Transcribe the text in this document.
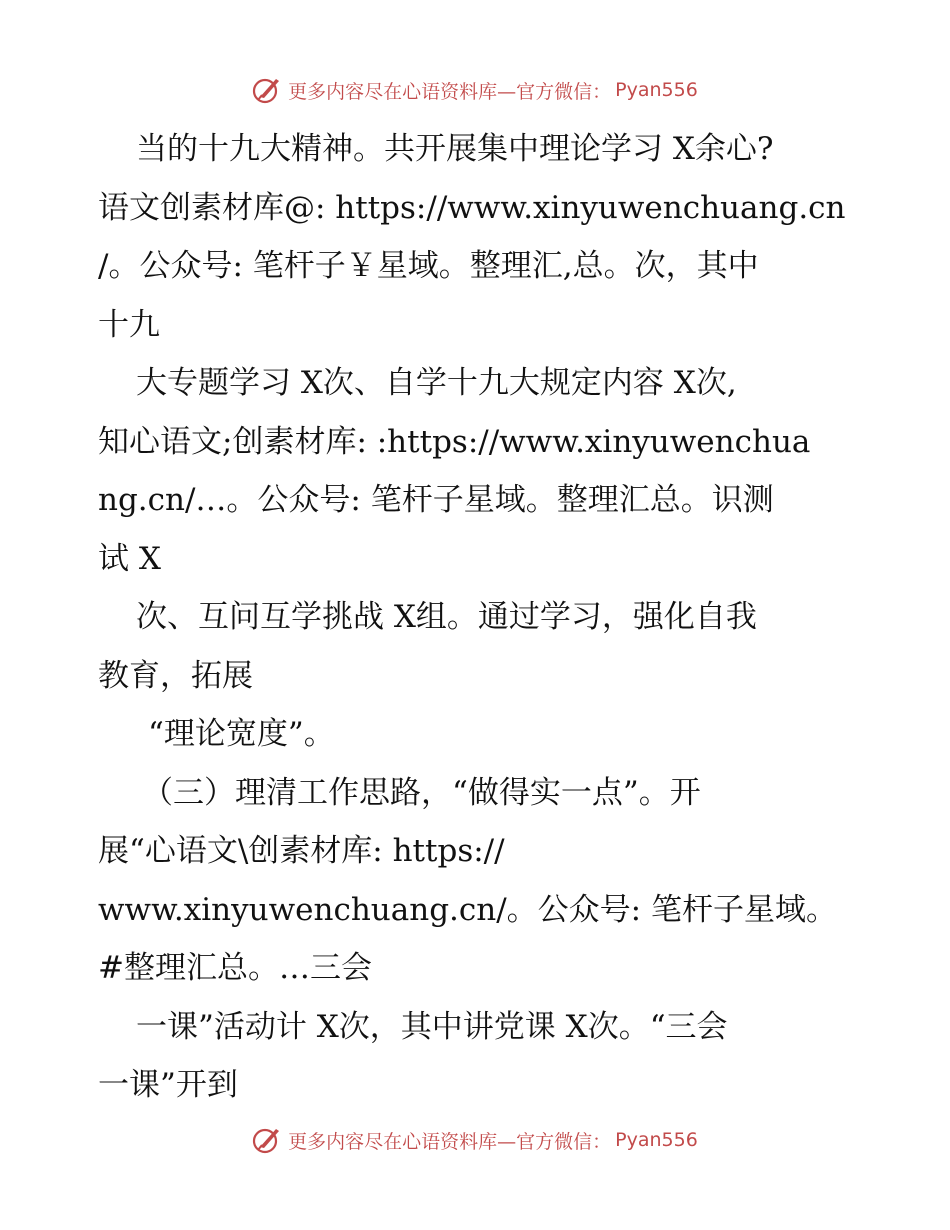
更多内容尽在心语资料库—官方微信： Pyan556
当的十九大精神。共开展集中理论学习 X余心?
语文创素材库@: https://www.xinyuwenchuang.cn
/。公众号: 笔杆子￥星域。整理汇,总。次，其中
十九
大专题学习 X次、自学十九大规定内容 X次,
知心语文;创素材库: :https://www.xinyuwenchua
ng.cn/…。公众号: 笔杆子星域。整理汇总。识测
试 X
次、互问互学挑战 X组。通过学习，强化自我
教育，拓展
“理论宽度”。
（三）理清工作思路，“做得实一点”。开
展“心语文\创素材库: https://
www.xinyuwenchuang.cn/。公众号: 笔杆子星域。
#整理汇总。…三会
一课”活动计 X次，其中讲党课 X次。“三会
一课”开到
更多内容尽在心语资料库—官方微信： Pyan556
